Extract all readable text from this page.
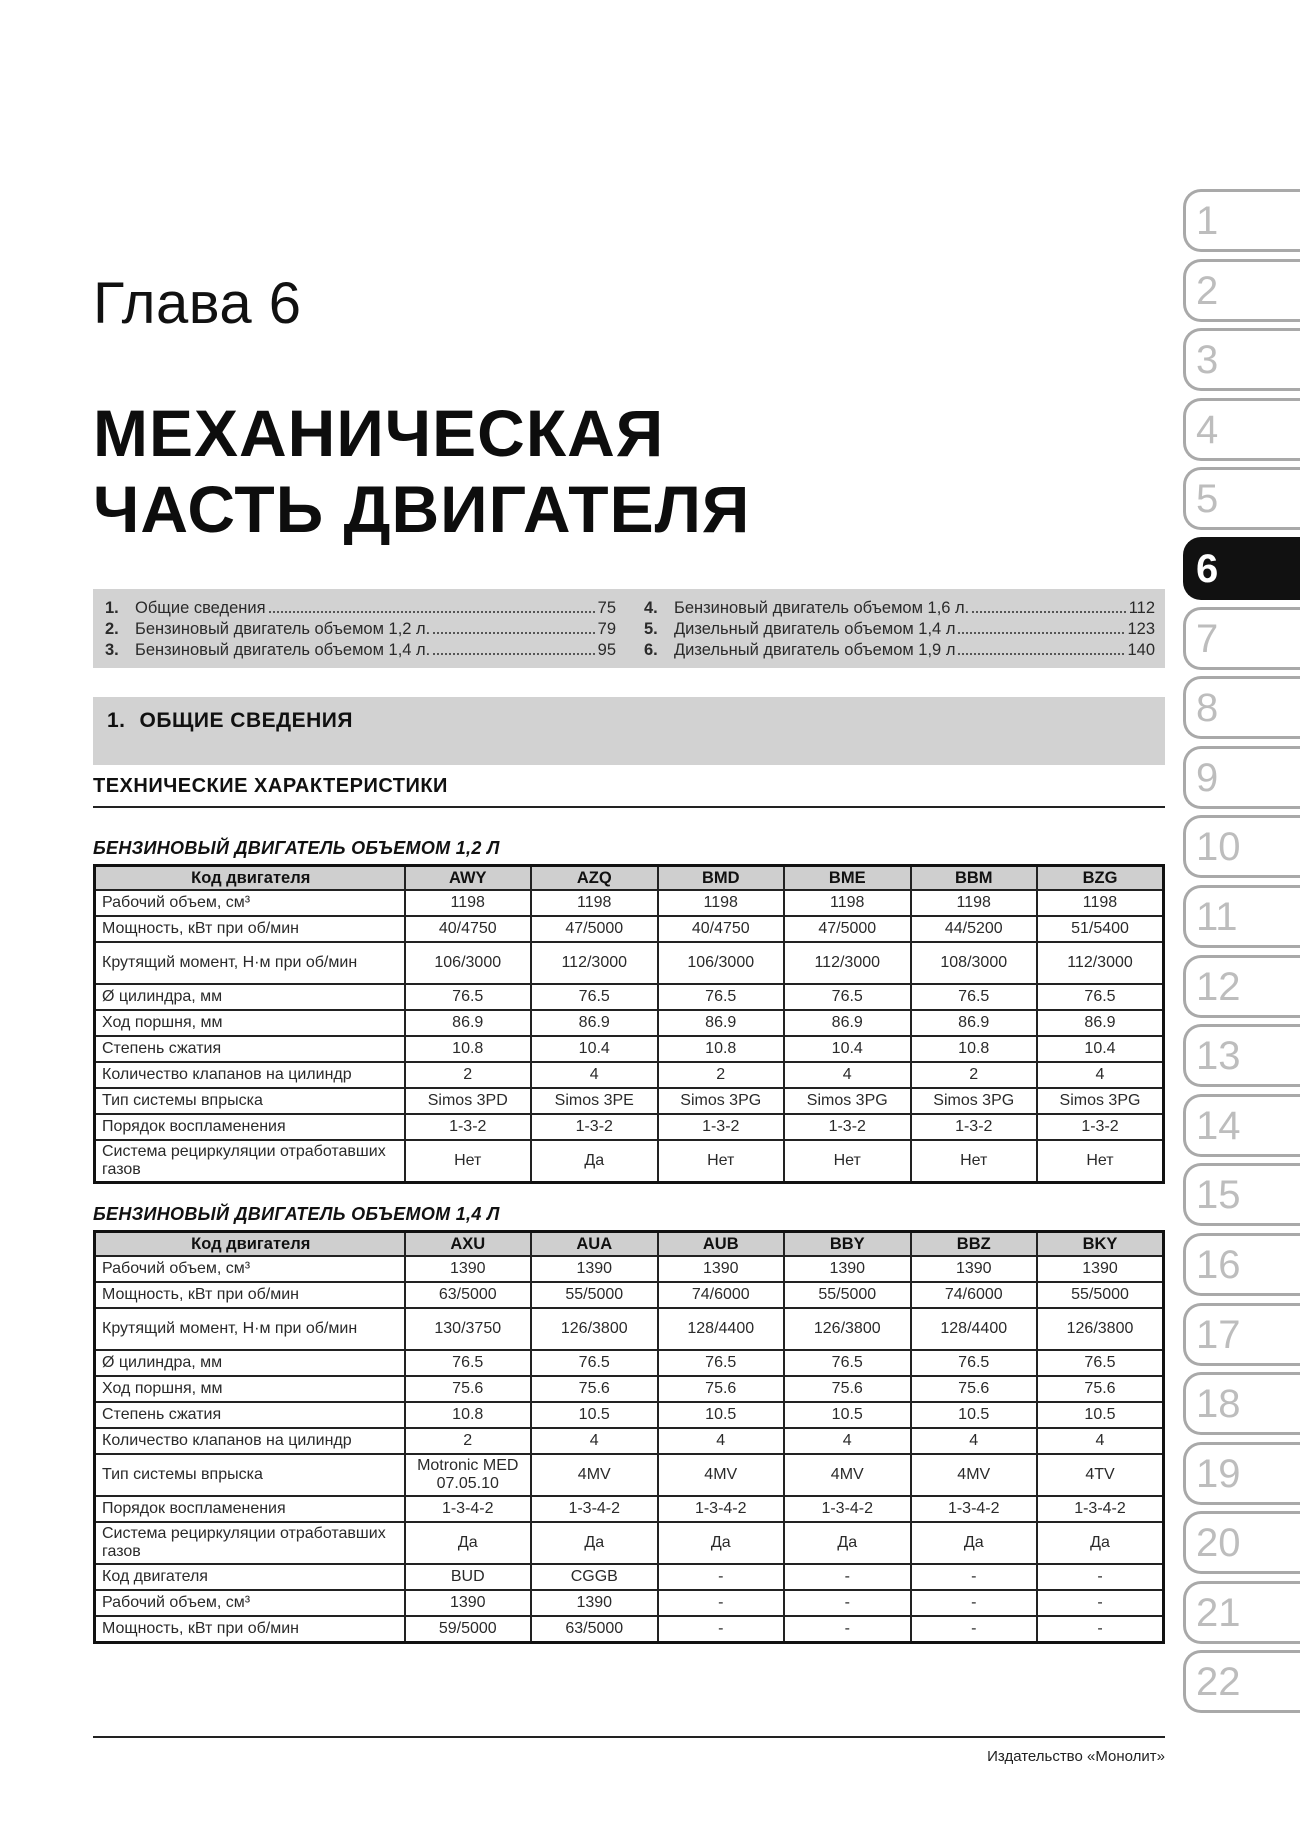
Глава 6
МЕХАНИЧЕСКАЯ
ЧАСТЬ ДВИГАТЕЛЯ
1. Общие сведения	75
2. Бензиновый двигатель объемом 1,2 л.	79
3. Бензиновый двигатель объемом 1,4 л.	95
4. Бензиновый двигатель объемом 1,6 л.	112
5. Дизельный двигатель объемом 1,4 л	123
6. Дизельный двигатель объемом 1,9 л	140
1. ОБЩИЕ СВЕДЕНИЯ
ТЕХНИЧЕСКИЕ ХАРАКТЕРИСТИКИ
БЕНЗИНОВЫЙ ДВИГАТЕЛЬ ОБЪЕМОМ 1,2 Л
Код двигателя	AWY	AZQ	BMD	BME	BBM	BZG
Рабочий объем, см³	1198	1198	1198	1198	1198	1198
Мощность, кВт при об/мин	40/4750	47/5000	40/4750	47/5000	44/5200	51/5400
Крутящий момент, Н·м при об/мин	106/3000	112/3000	106/3000	112/3000	108/3000	112/3000
Ø цилиндра, мм	76.5	76.5	76.5	76.5	76.5	76.5
Ход поршня, мм	86.9	86.9	86.9	86.9	86.9	86.9
Степень сжатия	10.8	10.4	10.8	10.4	10.8	10.4
Количество клапанов на цилиндр	2	4	2	4	2	4
Тип системы впрыска	Simos 3PD	Simos 3PE	Simos 3PG	Simos 3PG	Simos 3PG	Simos 3PG
Порядок воспламенения	1-3-2	1-3-2	1-3-2	1-3-2	1-3-2	1-3-2
Система рециркуляции отработавших газов	Нет	Да	Нет	Нет	Нет	Нет
БЕНЗИНОВЫЙ ДВИГАТЕЛЬ ОБЪЕМОМ 1,4 Л
Код двигателя	AXU	AUA	AUB	BBY	BBZ	BKY
Рабочий объем, см³	1390	1390	1390	1390	1390	1390
Мощность, кВт при об/мин	63/5000	55/5000	74/6000	55/5000	74/6000	55/5000
Крутящий момент, Н·м при об/мин	130/3750	126/3800	128/4400	126/3800	128/4400	126/3800
Ø цилиндра, мм	76.5	76.5	76.5	76.5	76.5	76.5
Ход поршня, мм	75.6	75.6	75.6	75.6	75.6	75.6
Степень сжатия	10.8	10.5	10.5	10.5	10.5	10.5
Количество клапанов на цилиндр	2	4	4	4	4	4
Тип системы впрыска	Motronic MED 07.05.10	4MV	4MV	4MV	4MV	4TV
Порядок воспламенения	1-3-4-2	1-3-4-2	1-3-4-2	1-3-4-2	1-3-4-2	1-3-4-2
Система рециркуляции отработавших газов	Да	Да	Да	Да	Да	Да
Код двигателя	BUD	CGGB	-	-	-	-
Рабочий объем, см³	1390	1390	-	-	-	-
Мощность, кВт при об/мин	59/5000	63/5000	-	-	-	-
Издательство «Монолит»
1
2
3
4
5
6
7
8
9
10
11
12
13
14
15
16
17
18
19
20
21
22
